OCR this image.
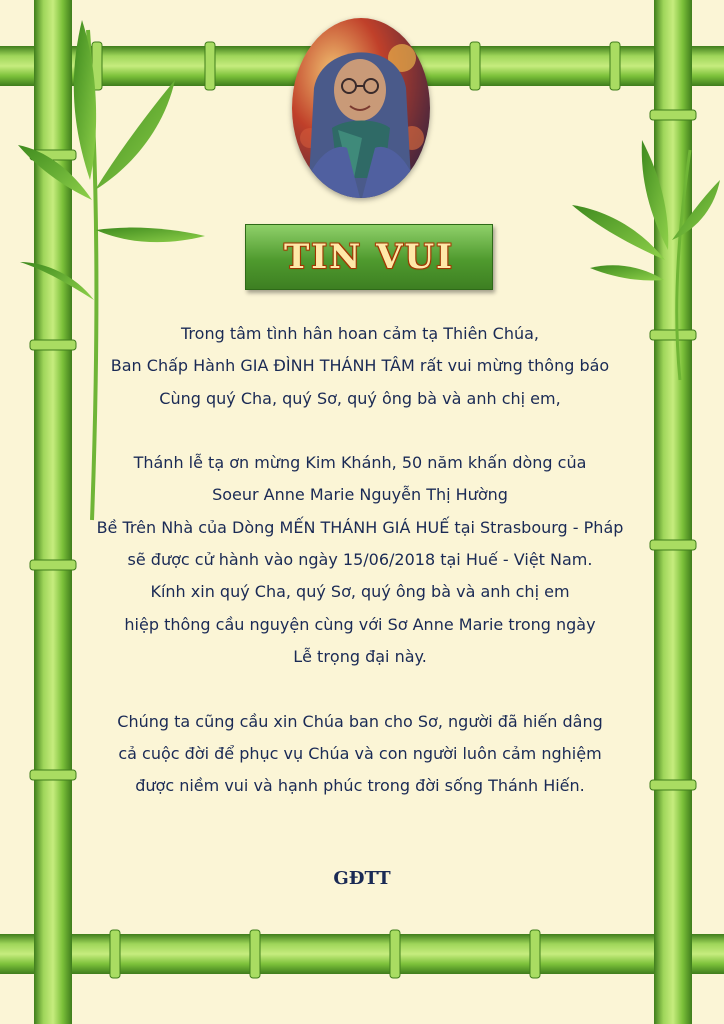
TIN VUI
Trong tâm tình hân hoan cảm tạ Thiên Chúa,
Ban Chấp Hành GIA ĐÌNH THÁNH TÂM rất vui mừng thông báo
Cùng quý Cha, quý Sơ, quý ông bà và anh chị em,
Thánh lễ tạ ơn mừng Kim Khánh, 50 năm khấn dòng của
Soeur Anne Marie Nguyễn Thị Hường
Bề Trên Nhà của Dòng MẾN THÁNH GIÁ HUẾ tại Strasbourg - Pháp
sẽ được cử hành vào ngày 15/06/2018 tại Huế - Việt Nam.
Kính xin quý Cha, quý Sơ, quý ông bà và anh chị em
hiệp thông cầu nguyện cùng với Sơ Anne Marie trong ngày
Lễ trọng đại này.
Chúng ta cũng cầu xin Chúa ban cho Sơ, người đã hiến dâng
cả cuộc đời để phục vụ Chúa và con người luôn cảm nghiệm
được niềm vui và hạnh phúc trong đời sống Thánh Hiến.
GĐTT
